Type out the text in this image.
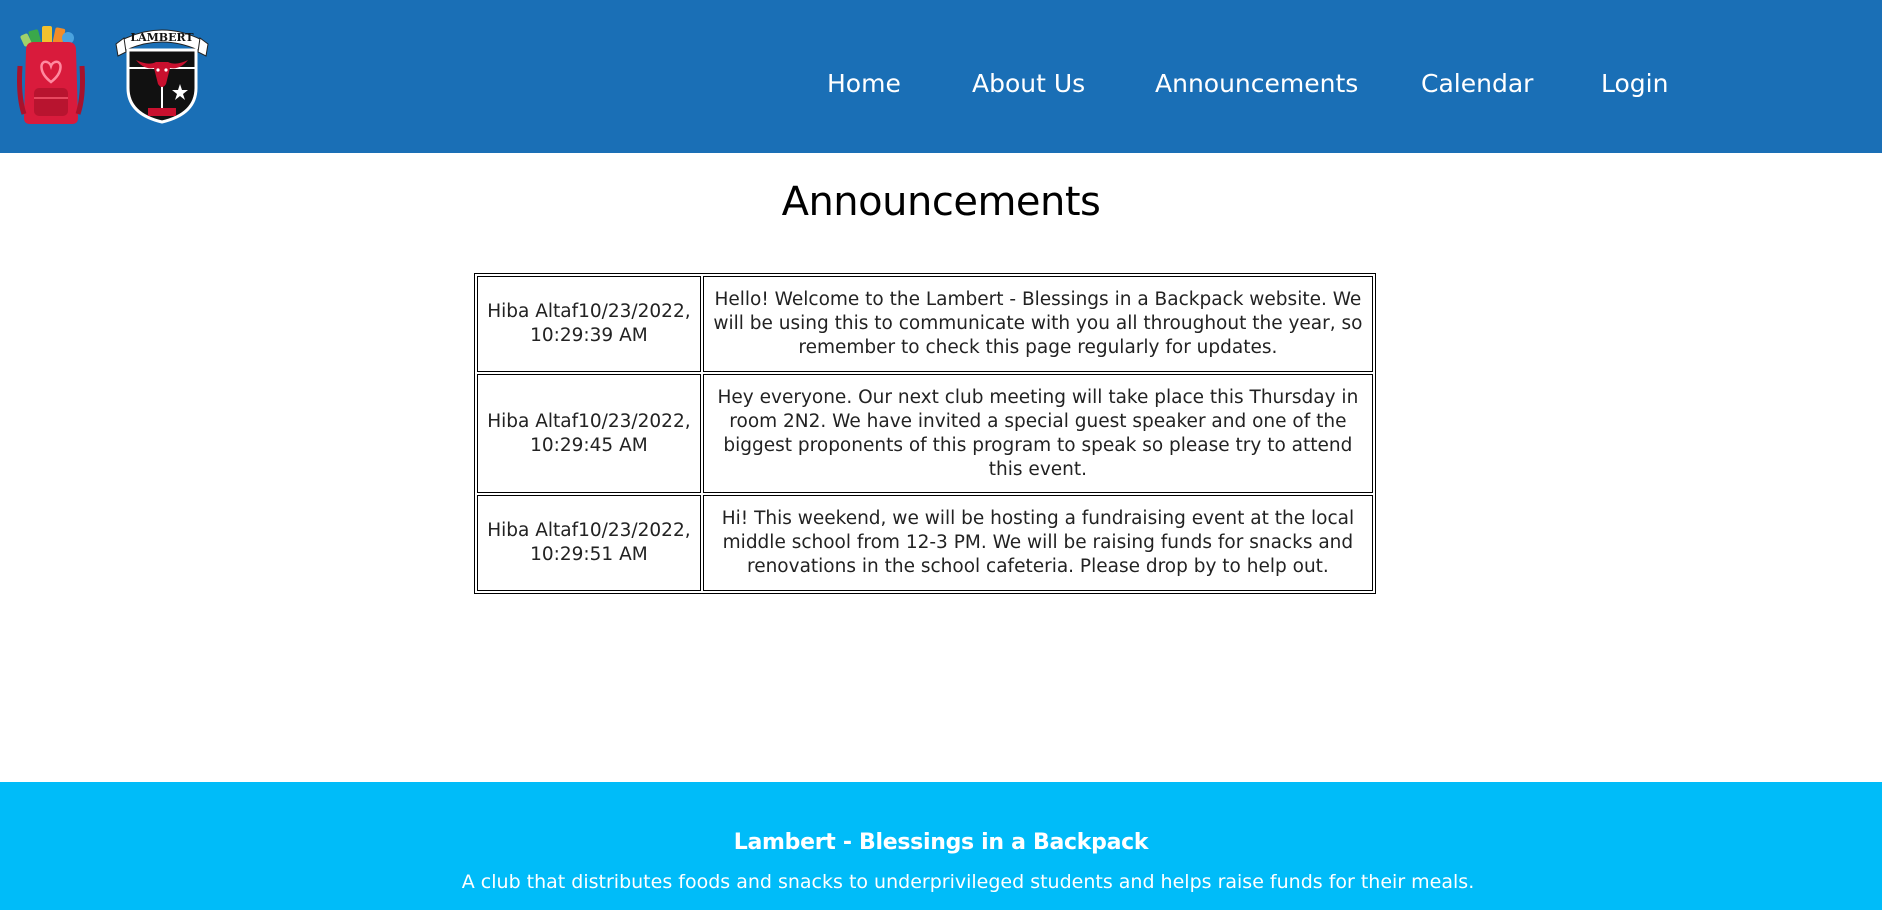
LAMBERT
Home	About Us	Announcements	Calendar	Login
Announcements
Hiba Altaf10/23/2022, 10:29:39 AM	Hello! Welcome to the Lambert - Blessings in a Backpack website. We will be using this to communicate with you all throughout the year, so remember to check this page regularly for updates.
Hiba Altaf10/23/2022, 10:29:45 AM	Hey everyone. Our next club meeting will take place this Thursday in room 2N2. We have invited a special guest speaker and one of the biggest proponents of this program to speak so please try to attend this event.
Hiba Altaf10/23/2022, 10:29:51 AM	Hi! This weekend, we will be hosting a fundraising event at the local middle school from 12-3 PM. We will be raising funds for snacks and renovations in the school cafeteria. Please drop by to help out.
Lambert - Blessings in a Backpack
A club that distributes foods and snacks to underprivileged students and helps raise funds for their meals.
